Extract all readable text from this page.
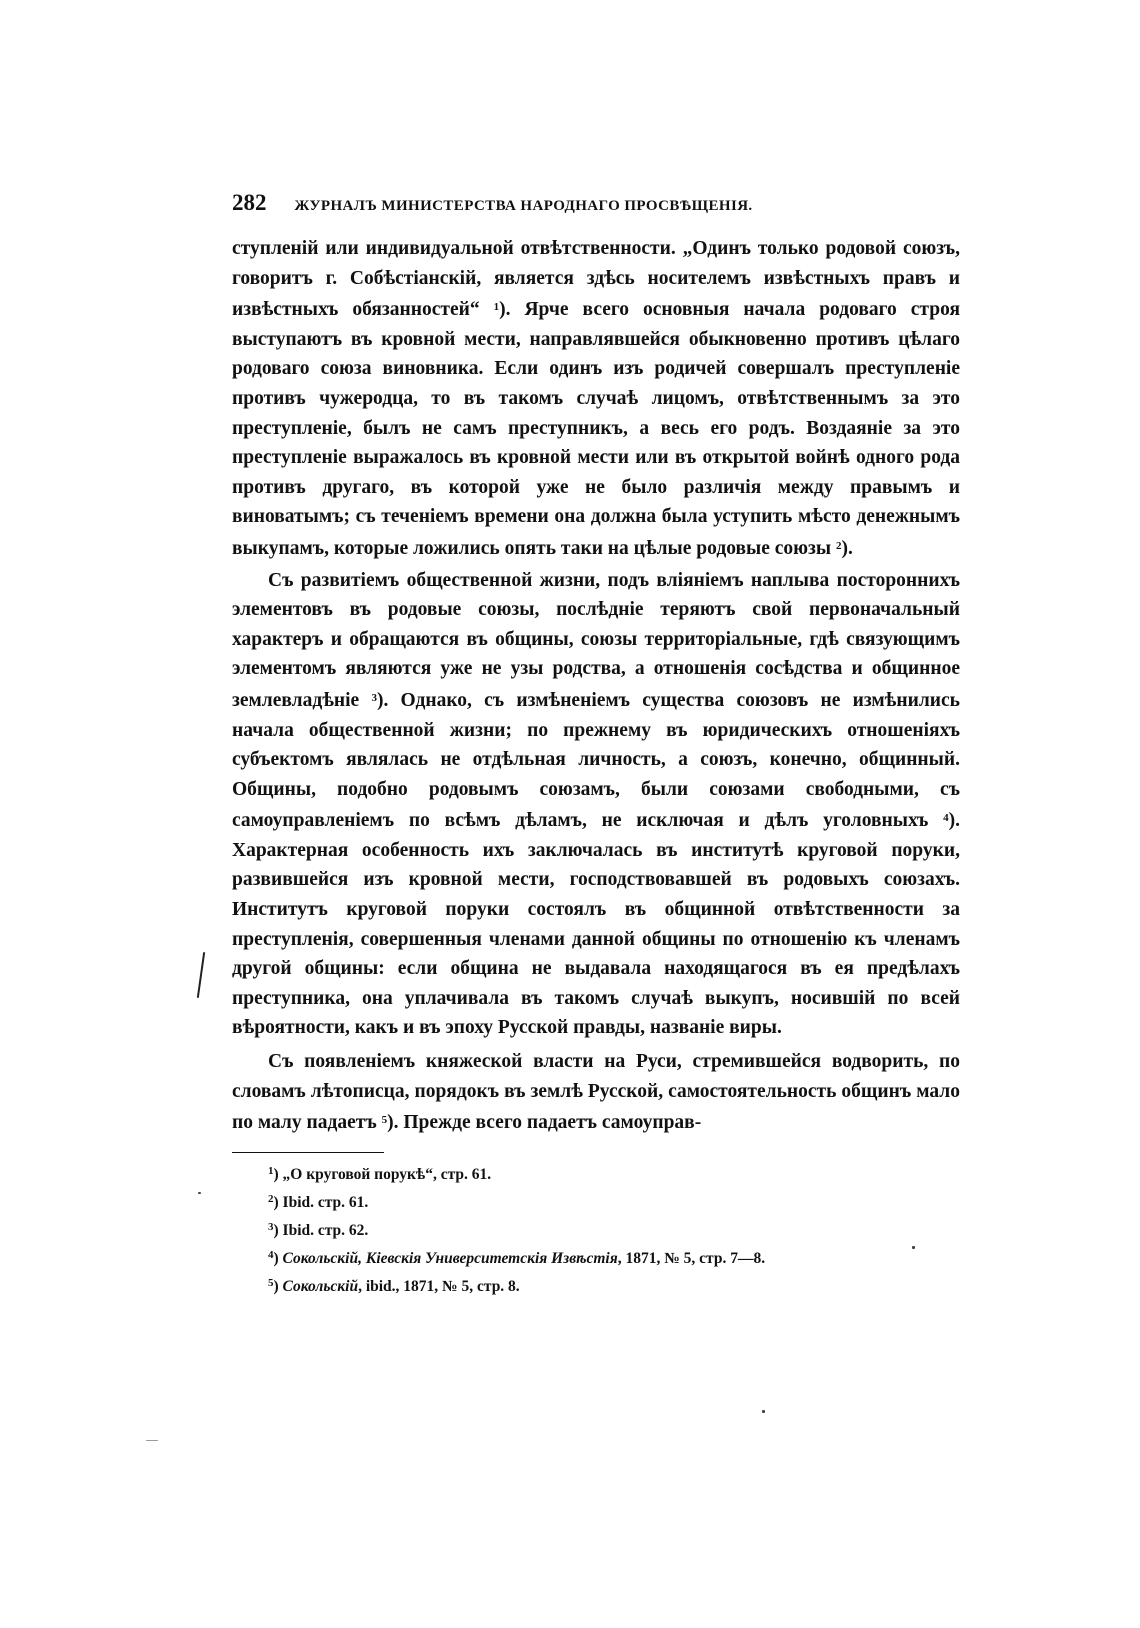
282 ЖУРНАЛЪ МИНИСТЕРСТВА НАРОДНАГО ПРОСВѢЩЕНІЯ.

ступленій или индивидуальной отвѣтственности. „Одинъ только родовой союзъ, говоритъ г. Собѣстіанскій, является здѣсь носителемъ извѣстныхъ правъ и извѣстныхъ обязанностей“ $^1$). Ярче всего основныя начала родоваго строя выступаютъ въ кровной мести, направлявшейся обыкновенно противъ цѣлаго родоваго союза виновника. Если одинъ изъ родичей совершалъ преступленіе противъ чужеродца, то въ такомъ случаѣ лицомъ, отвѣтственнымъ за это преступленіе, былъ не самъ преступникъ, а весь его родъ. Воздаяніе за это преступленіе выражалось въ кровной мести или въ открытой войнѣ одного рода противъ другаго, въ которой уже не было различія между правымъ и виноватымъ; съ теченіемъ времени она должна была уступить мѣсто денежнымъ выкупамъ, которые ложились опять таки на цѣлые родовые союзы $^2$).

Съ развитіемъ общественной жизни, подъ вліяніемъ наплыва постороннихъ элементовъ въ родовые союзы, послѣдніе теряютъ свой первоначальный характеръ и обращаются въ общины, союзы территоріальные, гдѣ связующимъ элементомъ являются уже не узы родства, а отношенія сосѣдства и общинное землевладѣніе $^3$). Однако, съ измѣненіемъ существа союзовъ не измѣнились начала общественной жизни; по прежнему въ юридическихъ отношеніяхъ субъектомъ являлась не отдѣльная личность, а союзъ, конечно, общинный. Общины, подобно родовымъ союзамъ, были союзами свободными, съ самоуправленіемъ по всѣмъ дѣламъ, не исключая и дѣлъ уголовныхъ $^4$). Характерная особенность ихъ заключалась въ институтѣ круговой поруки, развившейся изъ кровной мести, господствовавшей въ родовыхъ союзахъ. Институтъ круговой поруки состоялъ въ общинной отвѣтственности за преступленія, совершенныя членами данной общины по отношенію къ членамъ другой общины: если община не выдавала находящагося въ ея предѣлахъ преступника, она уплачивала въ такомъ случаѣ выкупъ, носившій по всей вѣроятности, какъ и въ эпоху Русской правды, названіе виры.

Съ появленіемъ княжеской власти на Руси, стремившейся водворить, по словамъ лѣтописца, порядокъ въ землѣ Русской, самостоятельность общинъ мало по малу падаетъ $^5$). Прежде всего падаетъ самоуправ-

$^1$) „О круговой порукѣ“, стр. 61.
$^2$) Ibid. стр. 61.
$^3$) Ibid. стр. 62.
$^4$) Сокольскій, Кіевскія Университетскія Извѣстія, 1871, № 5, стр. 7—8.
$^5$) Сокольскій, ibid., 1871, № 5, стр. 8.
